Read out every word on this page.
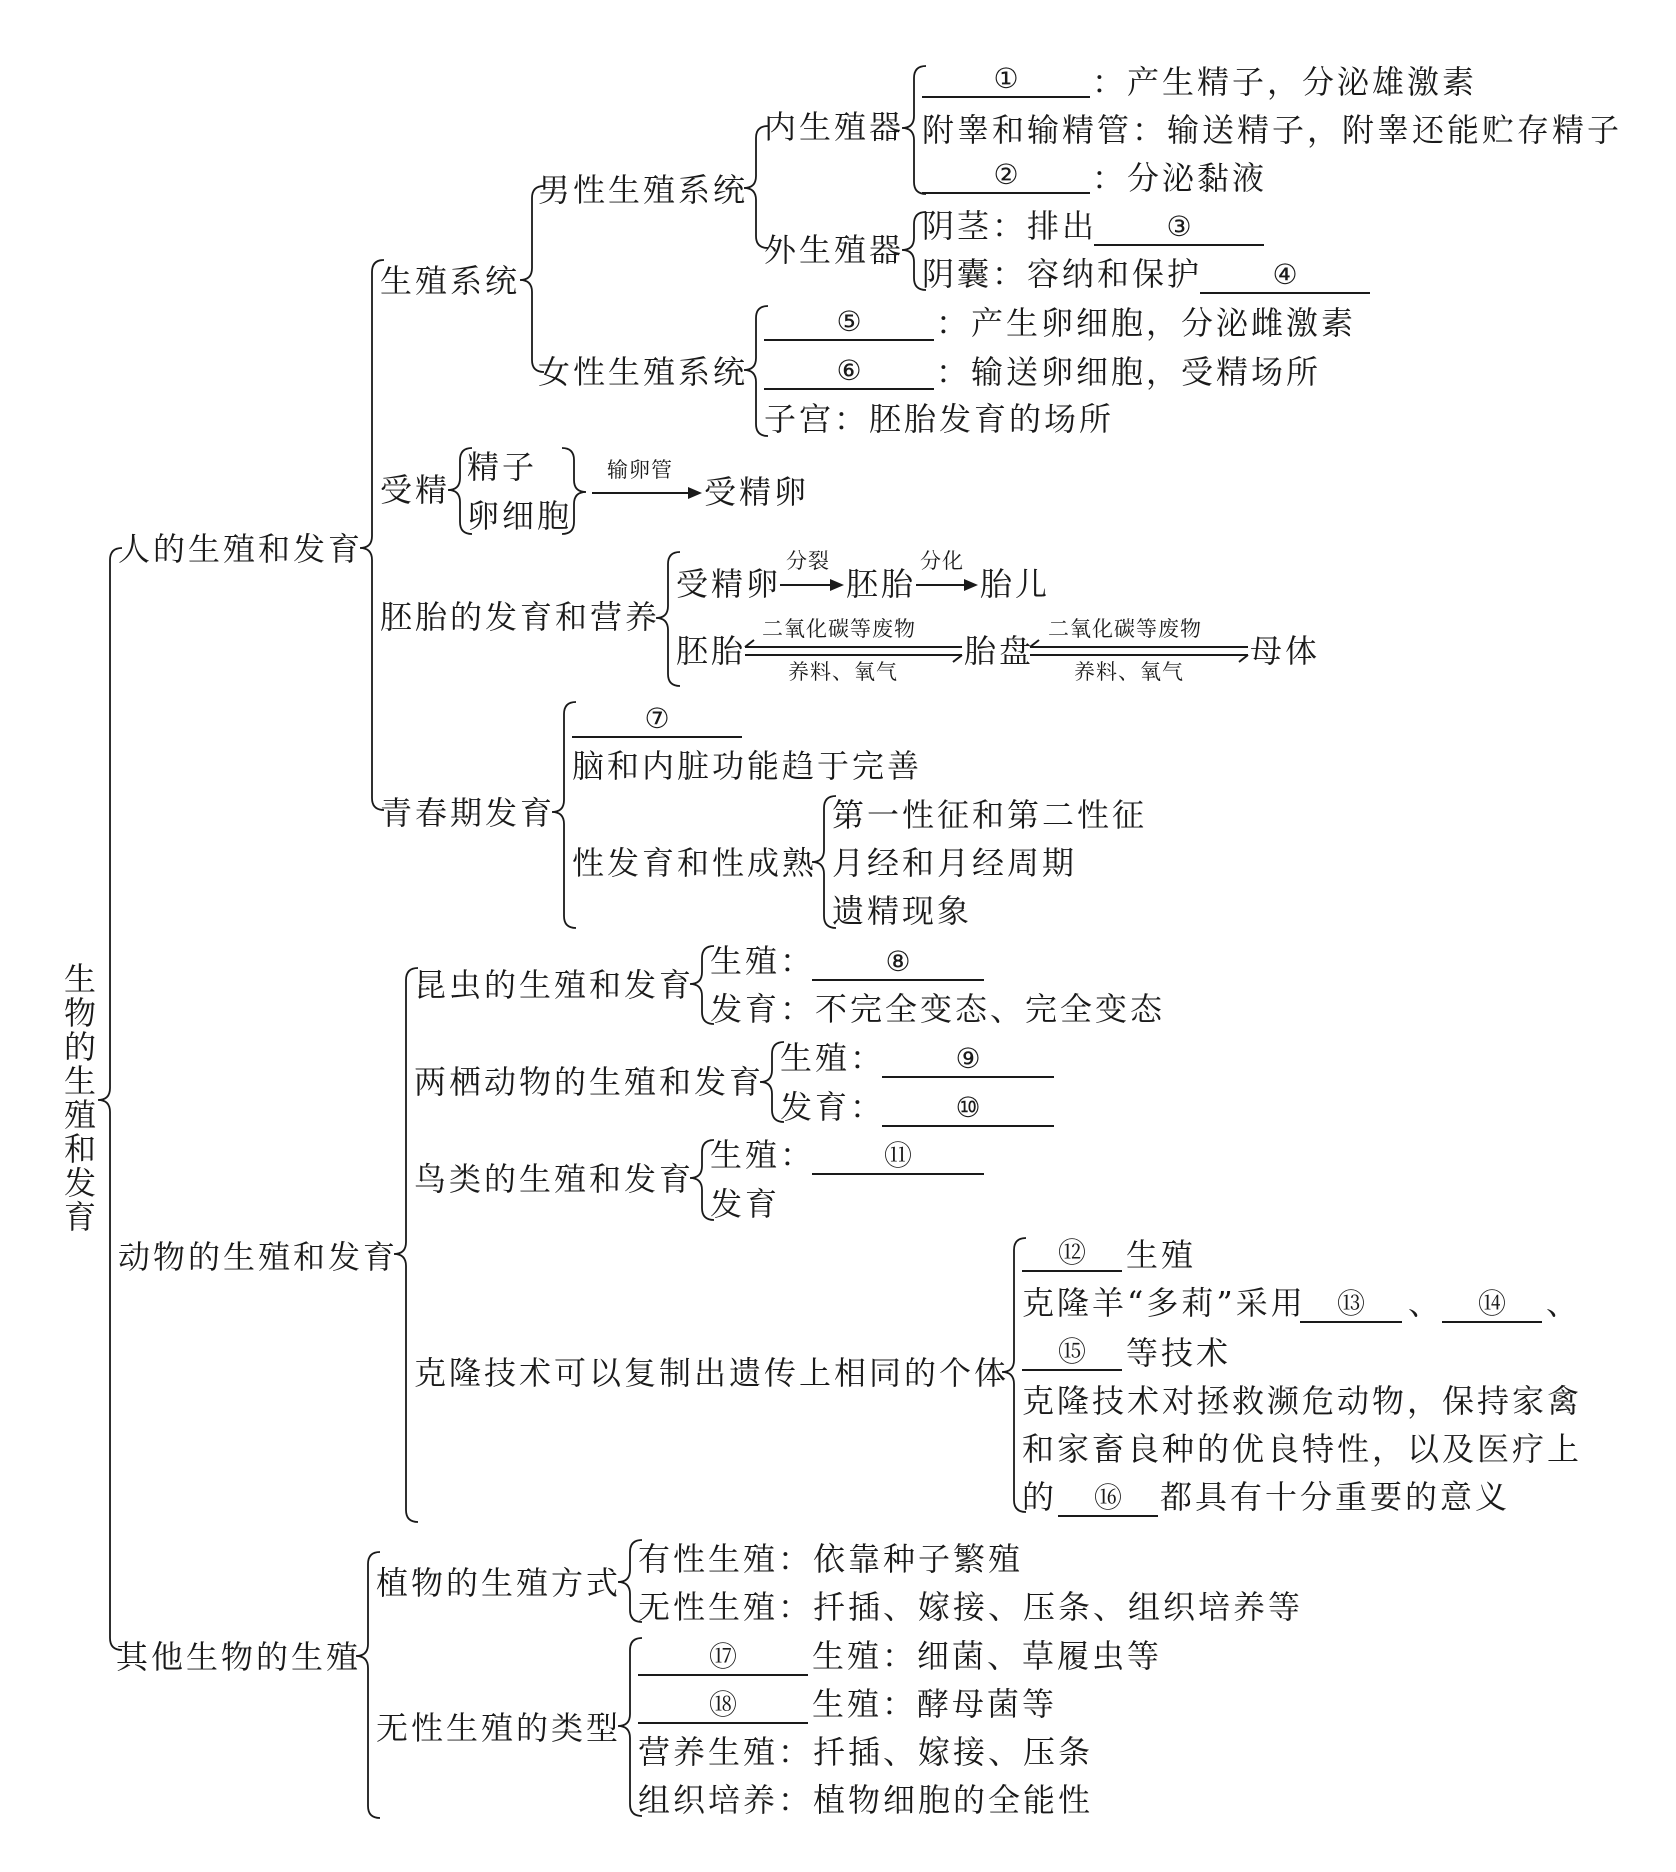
生物的生殖和发育
人的生殖和发育
生殖系统
男性生殖系统
内生殖器
①	：产生精子，分泌雄激素
附睾和输精管：输送精子，附睾还能贮存精子
②	：分泌黏液
外生殖器
阴茎：排出	③
阴囊：容纳和保护	④
女性生殖系统
⑤	：产生卵细胞，分泌雌激素
⑥	：输送卵细胞，受精场所
子宫：胚胎发育的场所
受精
精子
卵细胞
输卵管
受精卵
胚胎的发育和营养
受精卵
分裂
胚胎
分化
胎儿
胚胎
二氧化碳等废物
养料、氧气
胎盘
二氧化碳等废物
养料、氧气
母体
青春期发育
⑦
脑和内脏功能趋于完善
性发育和性成熟
第一性征和第二性征
月经和月经周期
遗精现象
动物的生殖和发育
昆虫的生殖和发育
生殖：	⑧
发育：不完全变态、完全变态
两栖动物的生殖和发育
生殖：	⑨
发育：	⑩
鸟类的生殖和发育
生殖：	⑪
发育
克隆技术可以复制出遗传上相同的个体
⑫	生殖
克隆羊“多莉”采用	⑬	、	⑭	、
⑮	等技术
克隆技术对拯救濒危动物，保持家禽
和家畜良种的优良特性，以及医疗上
的	⑯	都具有十分重要的意义
其他生物的生殖
植物的生殖方式
有性生殖：依靠种子繁殖
无性生殖：扦插、嫁接、压条、组织培养等
无性生殖的类型
⑰	生殖：细菌、草履虫等
⑱	生殖：酵母菌等
营养生殖：扦插、嫁接、压条
组织培养：植物细胞的全能性
